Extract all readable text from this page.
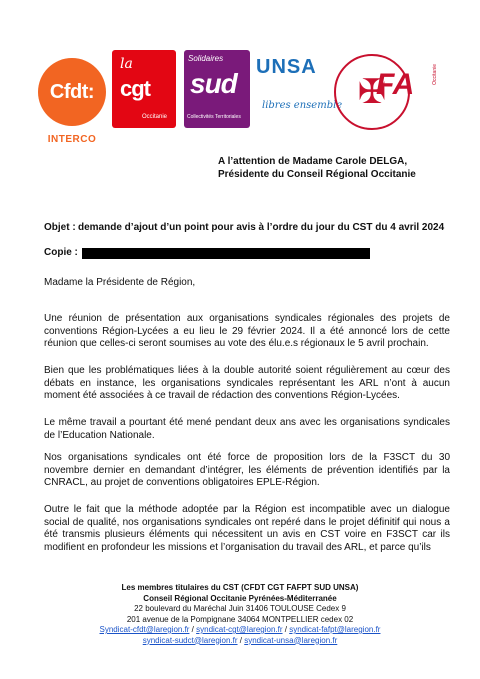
Cfdt:
INTERCO
la
cgt
Occitanie
Solidaires
sud
Collectivités Territoriales
UNSA
libres ensemble ✠
FA	Occitanie
A l’attention de Madame Carole DELGA,
Présidente du Conseil Régional Occitanie
Objet : demande d’ajout d’un point pour avis à l’ordre du jour du CST du 4 avril 2024
Copie :
Madame la Présidente de Région,
Une réunion de présentation aux organisations syndicales régionales des projets de conventions Région-Lycées a eu lieu le 29 février 2024. Il a été annoncé lors de cette réunion que celles-ci seront soumises au vote des élu.e.s régionaux le 5 avril prochain.
Bien que les problématiques liées à la double autorité soient régulièrement au cœur des débats en instance, les organisations syndicales représentant les ARL n’ont à aucun moment été associées à ce travail de rédaction des conventions Région-Lycées.
Le même travail a pourtant été mené pendant deux ans avec les organisations syndicales de l’Education Nationale.
Nos organisations syndicales ont été force de proposition lors de la F3SCT du 30 novembre dernier en demandant d’intégrer, les éléments de prévention identifiés par la CNRACL, au projet de conventions obligatoires EPLE-Région.
Outre le fait que la méthode adoptée par la Région est incompatible avec un dialogue social de qualité, nos organisations syndicales ont repéré dans le projet définitif qui nous a été transmis plusieurs éléments qui nécessitent un avis en CST voire en F3SCT car ils modifient en profondeur les missions et l’organisation du travail des ARL, et parce qu’ils
Les membres titulaires du CST (CFDT CGT FAFPT SUD UNSA)
Conseil Régional Occitanie Pyrénées-Méditerranée
22 boulevard du Maréchal Juin 31406 TOULOUSE Cedex 9
201 avenue de la Pompignane 34064 MONTPELLIER cedex 02
Syndicat-cfdt@laregion.fr / syndicat-cgt@laregion.fr / syndicat-fafpt@laregion.fr
syndicat-sudct@laregion.fr / syndicat-unsa@laregion.fr
